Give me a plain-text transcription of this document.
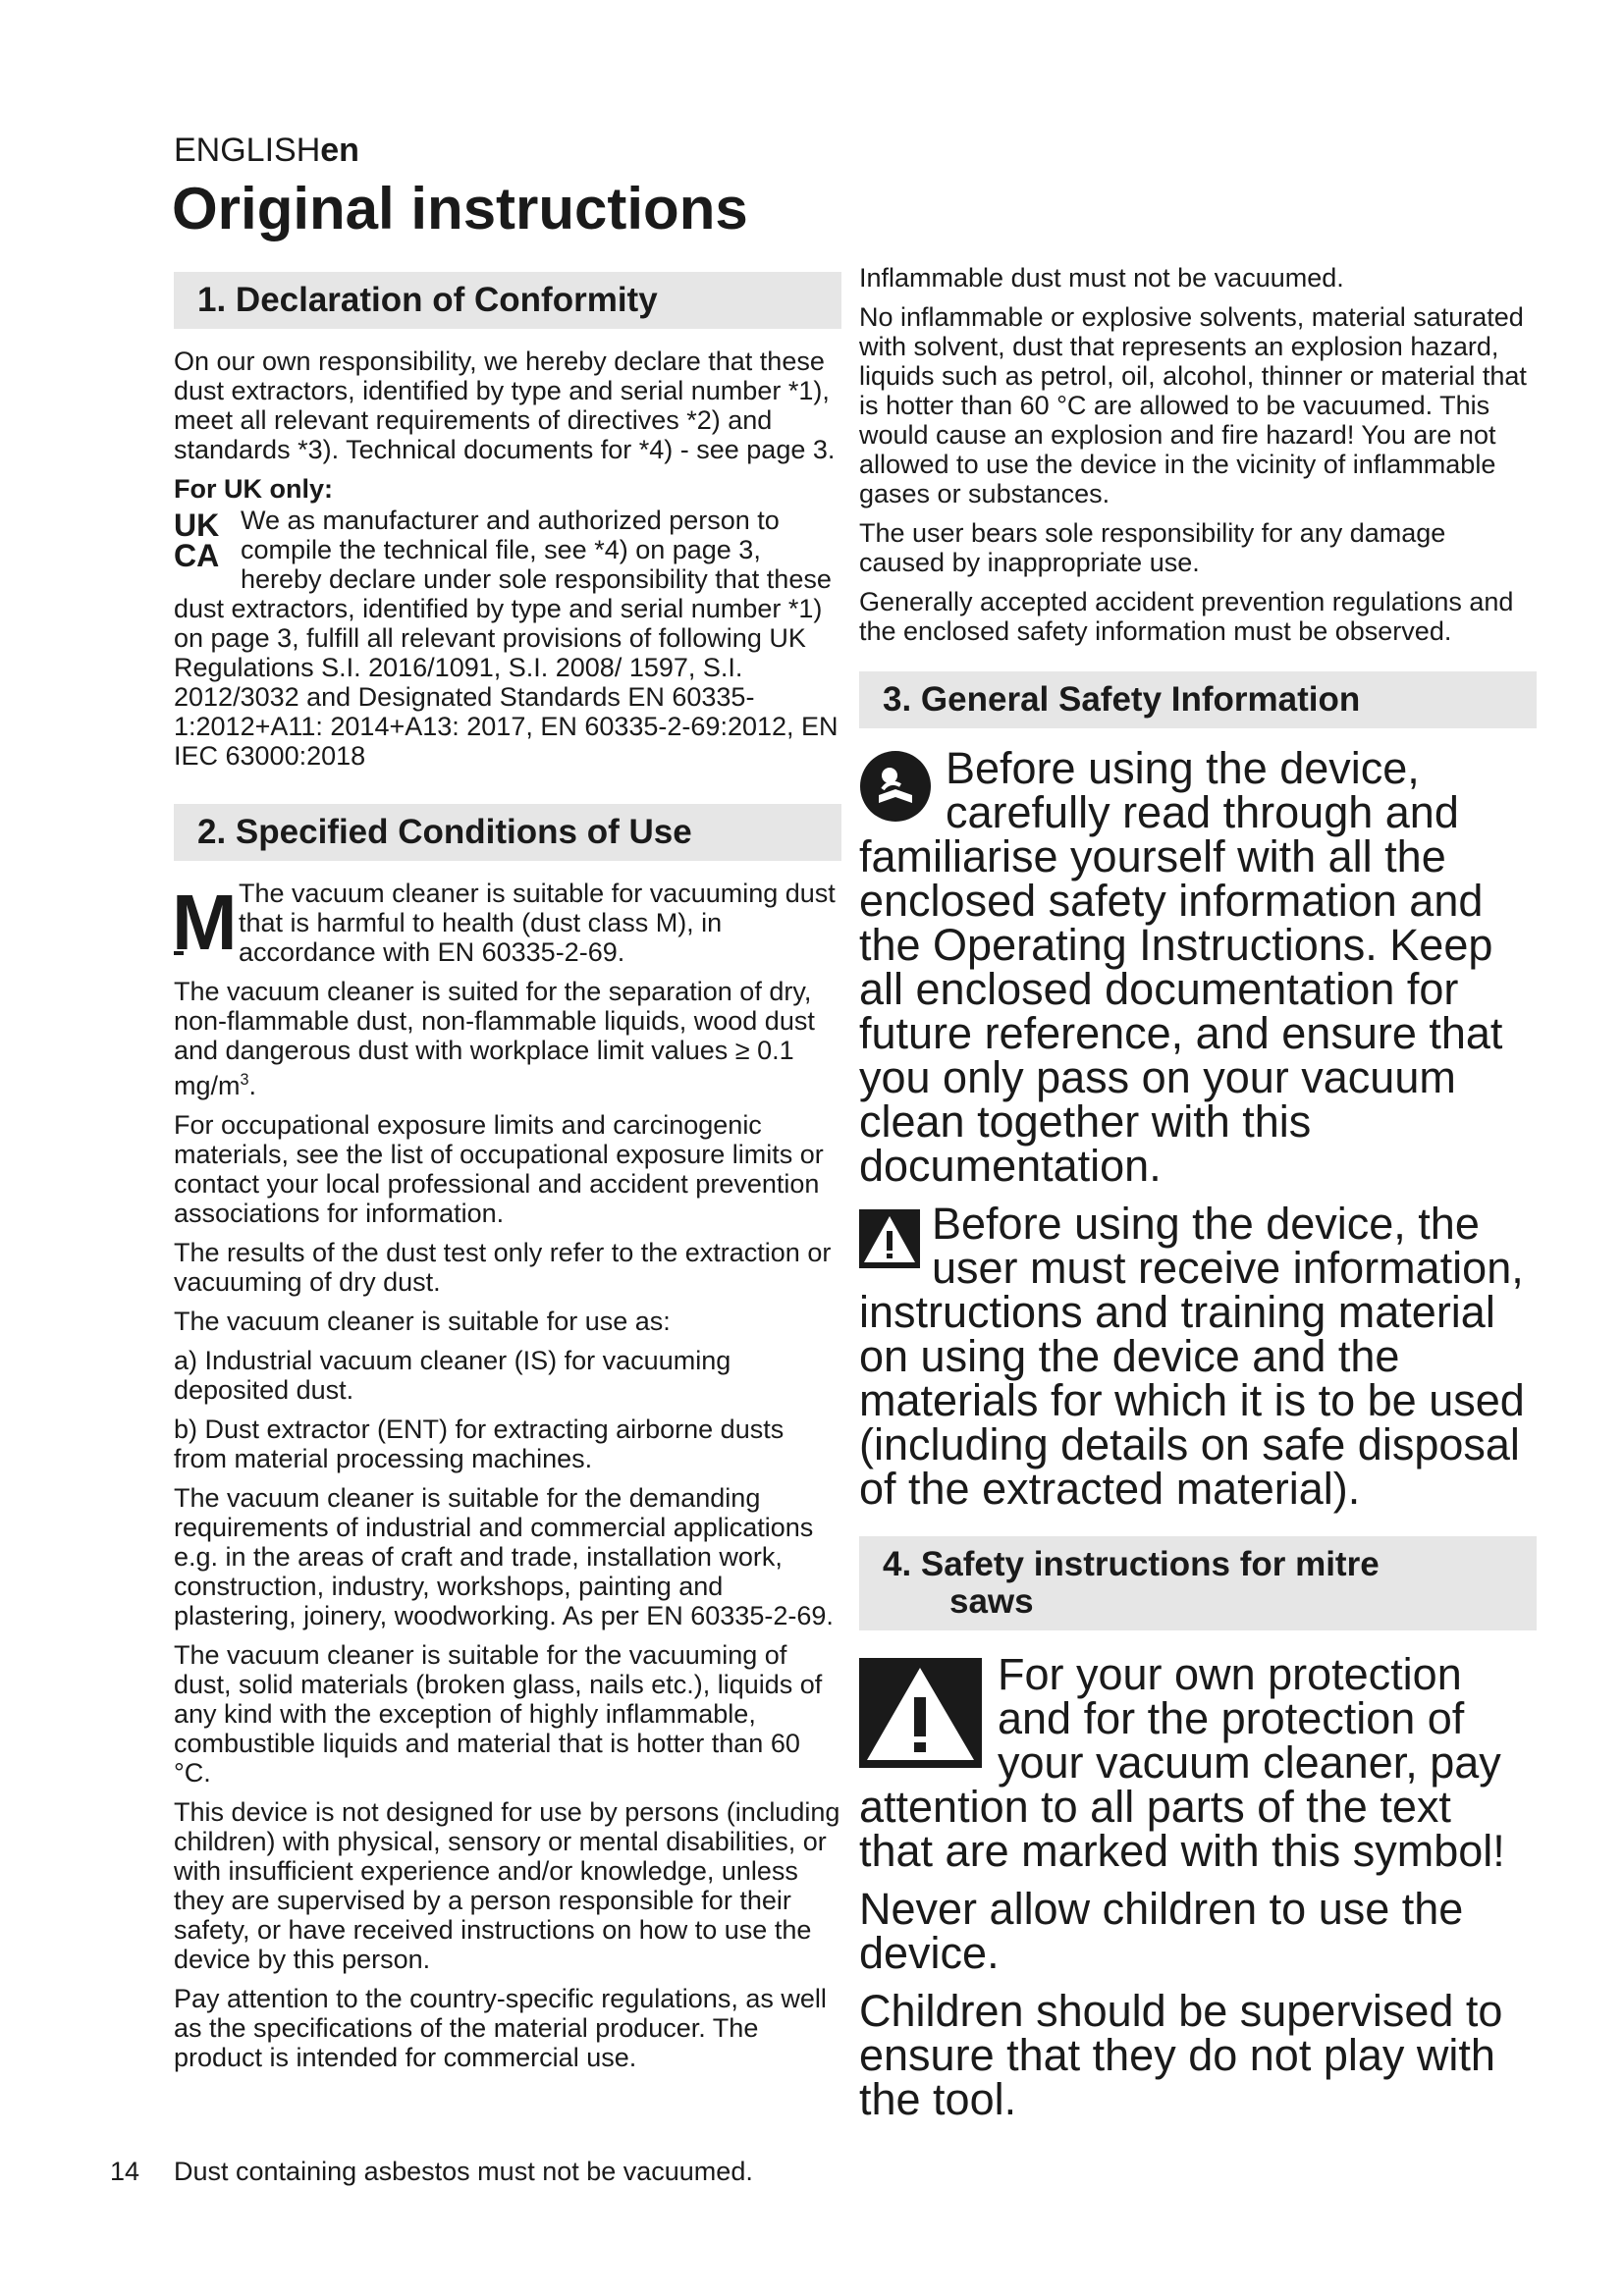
ENGLISHen
Original instructions
1. Declaration of Conformity

On our own responsibility, we hereby declare that these dust extractors, identified by type and serial number *1), meet all relevant requirements of directives *2) and standards *3). Technical documents for *4) - see page 3.

For UK only:

UK
CA
We as manufacturer and authorized person to compile the technical file, see *4) on page 3, hereby declare under sole responsibility that these dust extractors, identified by type and serial number *1) on page 3, fulfill all relevant provisions of following UK Regulations S.I. 2016/1091, S.I. 2008/ 1597, S.I. 2012/3032 and Designated Standards EN 60335-1:2012+A11: 2014+A13: 2017, EN 60335-2-69:2012, EN IEC 63000:2018

2. Specified Conditions of Use

M The vacuum cleaner is suitable for vacuuming dust that is harmful to health (dust class M), in accordance with EN 60335-2-69.

The vacuum cleaner is suited for the separation of dry, non-flammable dust, non-flammable liquids, wood dust and dangerous dust with workplace limit values ≥ 0.1 $mg/m^3$.

For occupational exposure limits and carcinogenic materials, see the list of occupational exposure limits or contact your local professional and accident prevention associations for information.

The results of the dust test only refer to the extraction or vacuuming of dry dust.

The vacuum cleaner is suitable for use as:

a) Industrial vacuum cleaner (IS) for vacuuming deposited dust.

b) Dust extractor (ENT) for extracting airborne dusts from material processing machines.

The vacuum cleaner is suitable for the demanding requirements of industrial and commercial applications e.g. in the areas of craft and trade, installation work, construction, industry, workshops, painting and plastering, joinery, woodworking. As per EN 60335-2-69.

The vacuum cleaner is suitable for the vacuuming of dust, solid materials (broken glass, nails etc.), liquids of any kind with the exception of highly inflammable, combustible liquids and material that is hotter than 60 °C.

This device is not designed for use by persons (including children) with physical, sensory or mental disabilities, or with insufficient experience and/or knowledge, unless they are supervised by a person responsible for their safety, or have received instructions on how to use the device by this person.

Pay attention to the country-specific regulations, as well as the specifications of the material producer. The product is intended for commercial use.

14 Dust containing asbestos must not be vacuumed.

Inflammable dust must not be vacuumed.

No inflammable or explosive solvents, material saturated with solvent, dust that represents an explosion hazard, liquids such as petrol, oil, alcohol, thinner or material that is hotter than 60 °C are allowed to be vacuumed. This would cause an explosion and fire hazard! You are not allowed to use the device in the vicinity of inflammable gases or substances.

The user bears sole responsibility for any damage caused by inappropriate use.

Generally accepted accident prevention regulations and the enclosed safety information must be observed.

3. General Safety Information

Before using the device, carefully read through and familiarise yourself with all the enclosed safety information and the Operating Instructions. Keep all enclosed documentation for future reference, and ensure that you only pass on your vacuum clean together with this documentation.

Before using the device, the user must receive information, instructions and training material on using the device and the materials for which it is to be used (including details on safe disposal of the extracted material).

4. Safety instructions for mitre
saws

For your own protection and for the protection of your vacuum cleaner, pay attention to all parts of the text that are marked with this symbol!

Never allow children to use the device.

Children should be supervised to ensure that they do not play with the tool.
